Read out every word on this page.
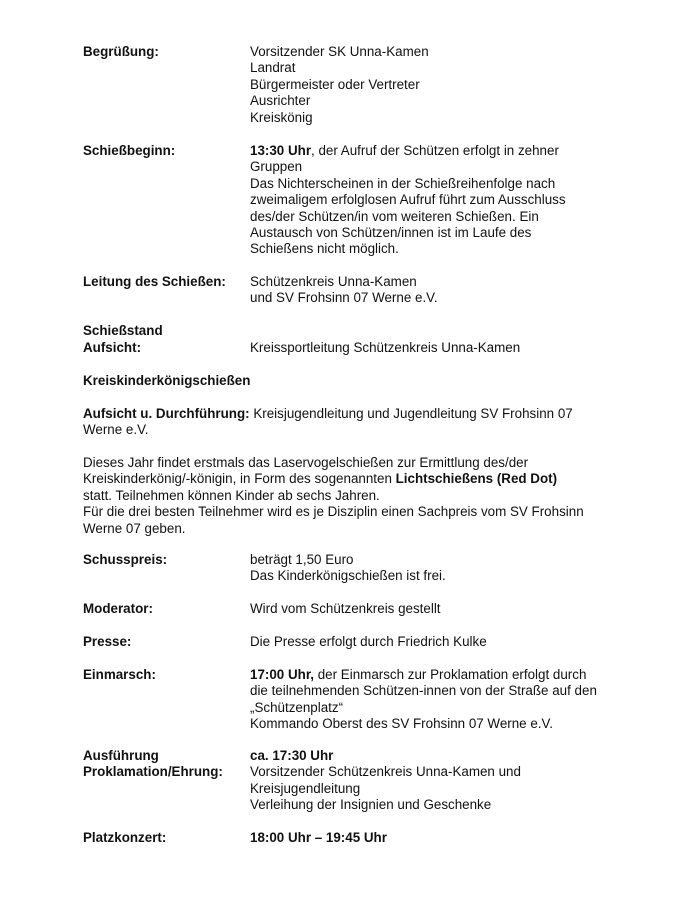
Begrüßung:	Vorsitzender SK Unna-Kamen
Landrat
Bürgermeister oder Vertreter
Ausrichter
Kreiskönig
Schießbeginn:	13:30 Uhr, der Aufruf der Schützen erfolgt in zehner
Gruppen
Das Nichterscheinen in der Schießreihenfolge nach
zweimaligem erfolglosen Aufruf führt zum Ausschluss
des/der Schützen/in vom weiteren Schießen. Ein
Austausch von Schützen/innen ist im Laufe des
Schießens nicht möglich.
Leitung des Schießen: Schützenkreis Unna-Kamen
und SV Frohsinn 07 Werne e.V.
Schießstand
Aufsicht:	Kreissportleitung Schützenkreis Unna-Kamen
Kreiskinderkönigschießen
Aufsicht u. Durchführung: Kreisjugendleitung und Jugendleitung SV Frohsinn 07
Werne e.V.
Dieses Jahr findet erstmals das Laservogelschießen zur Ermittlung des/der
Kreiskinderkönig/-königin, in Form des sogenannten Lichtschießens (Red Dot)
statt. Teilnehmen können Kinder ab sechs Jahren.
Für die drei besten Teilnehmer wird es je Disziplin einen Sachpreis vom SV Frohsinn
Werne 07 geben.
Schusspreis:	beträgt 1,50 Euro
Das Kinderkönigschießen ist frei.
Moderator:	Wird vom Schützenkreis gestellt
Presse:	Die Presse erfolgt durch Friedrich Kulke
Einmarsch:	17:00 Uhr, der Einmarsch zur Proklamation erfolgt durch
die teilnehmenden Schützen-innen von der Straße auf den
„Schützenplatz“
Kommando Oberst des SV Frohsinn 07 Werne e.V.
Ausführung
Proklamation/Ehrung:
ca. 17:30 Uhr
Vorsitzender Schützenkreis Unna-Kamen und
Kreisjugendleitung
Verleihung der Insignien und Geschenke
Platzkonzert:	18:00 Uhr – 19:45 Uhr
